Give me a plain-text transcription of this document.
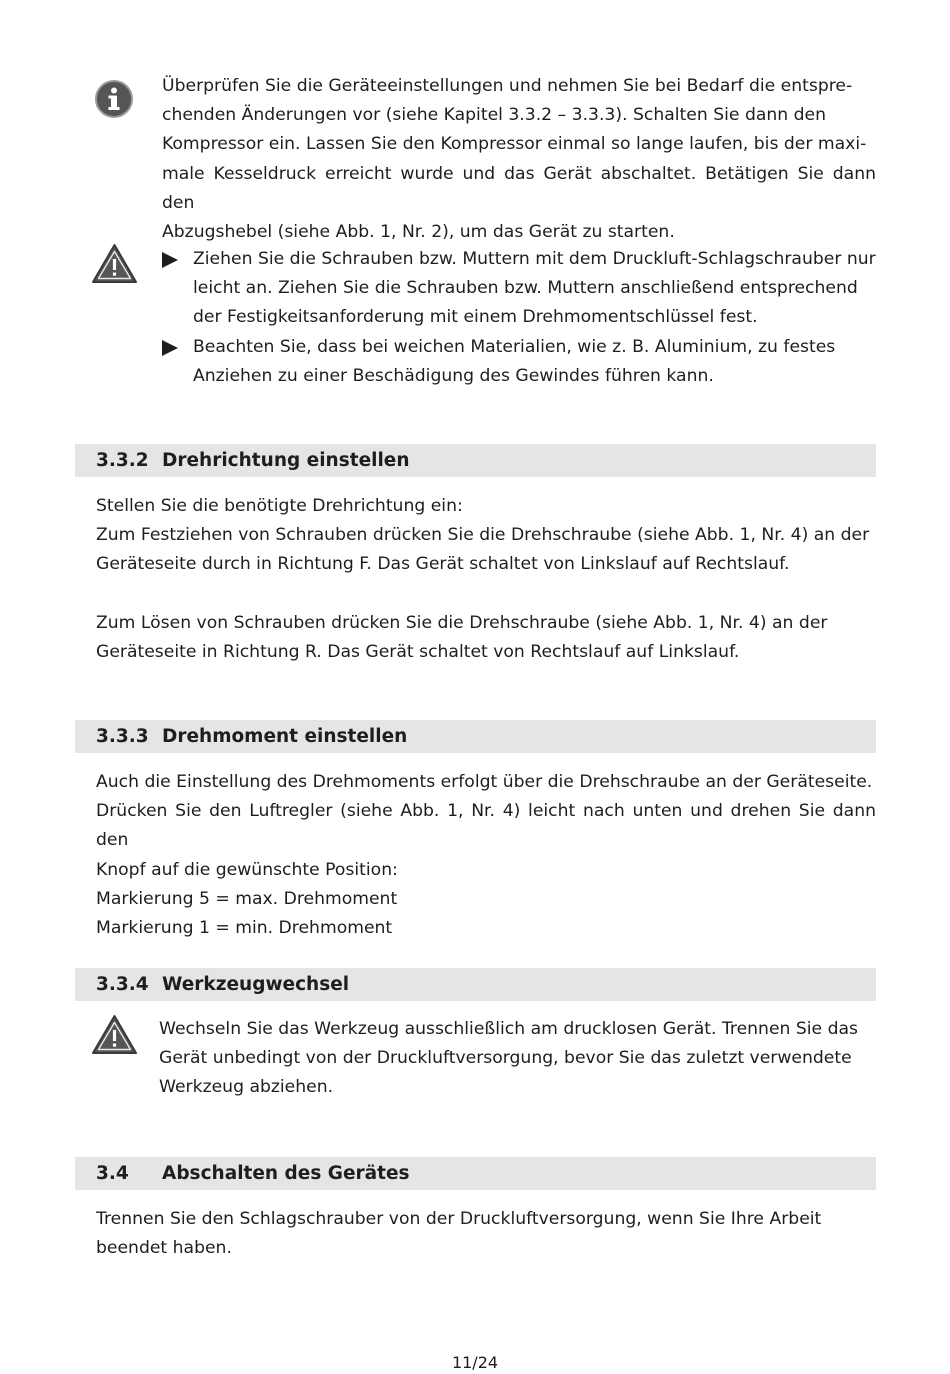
Überprüfen Sie die Geräteeinstellungen und nehmen Sie bei Bedarf die entspre-

chenden Änderungen vor (siehe Kapitel 3.3.2 – 3.3.3). Schalten Sie dann den

Kompressor ein. Lassen Sie den Kompressor einmal so lange laufen, bis der maxi-

male Kesseldruck erreicht wurde und das Gerät abschaltet. Betätigen Sie dann den

Abzugshebel (siehe Abb. 1, Nr. 2), um das Gerät zu starten.

Ziehen Sie die Schrauben bzw. Muttern mit dem Druckluft-Schlagschrauber nur

leicht an. Ziehen Sie die Schrauben bzw. Muttern anschließend entsprechend

der Festigkeitsanforderung mit einem Drehmomentschlüssel fest.

Beachten Sie, dass bei weichen Materialien, wie z. B. Aluminium, zu festes

Anziehen zu einer Beschädigung des Gewindes führen kann.

3.3.2 Drehrichtung einstellen

Stellen Sie die benötigte Drehrichtung ein:

Zum Festziehen von Schrauben drücken Sie die Drehschraube (siehe Abb. 1, Nr. 4) an der

Geräteseite durch in Richtung F. Das Gerät schaltet von Linkslauf auf Rechtslauf.

Zum Lösen von Schrauben drücken Sie die Drehschraube (siehe Abb. 1, Nr. 4) an der

Geräteseite in Richtung R. Das Gerät schaltet von Rechtslauf auf Linkslauf.

3.3.3 Drehmoment einstellen

Auch die Einstellung des Drehmoments erfolgt über die Drehschraube an der Geräteseite.

Drücken Sie den Luftregler (siehe Abb. 1, Nr. 4) leicht nach unten und drehen Sie dann den

Knopf auf die gewünschte Position:

Markierung 5 = max. Drehmoment

Markierung 1 = min. Drehmoment

3.3.4 Werkzeugwechsel

Wechseln Sie das Werkzeug ausschließlich am drucklosen Gerät. Trennen Sie das

Gerät unbedingt von der Druckluftversorgung, bevor Sie das zuletzt verwendete

Werkzeug abziehen.

3.4	Abschalten des Gerätes

Trennen Sie den Schlagschrauber von der Druckluftversorgung, wenn Sie Ihre Arbeit

beendet haben.

11/24
